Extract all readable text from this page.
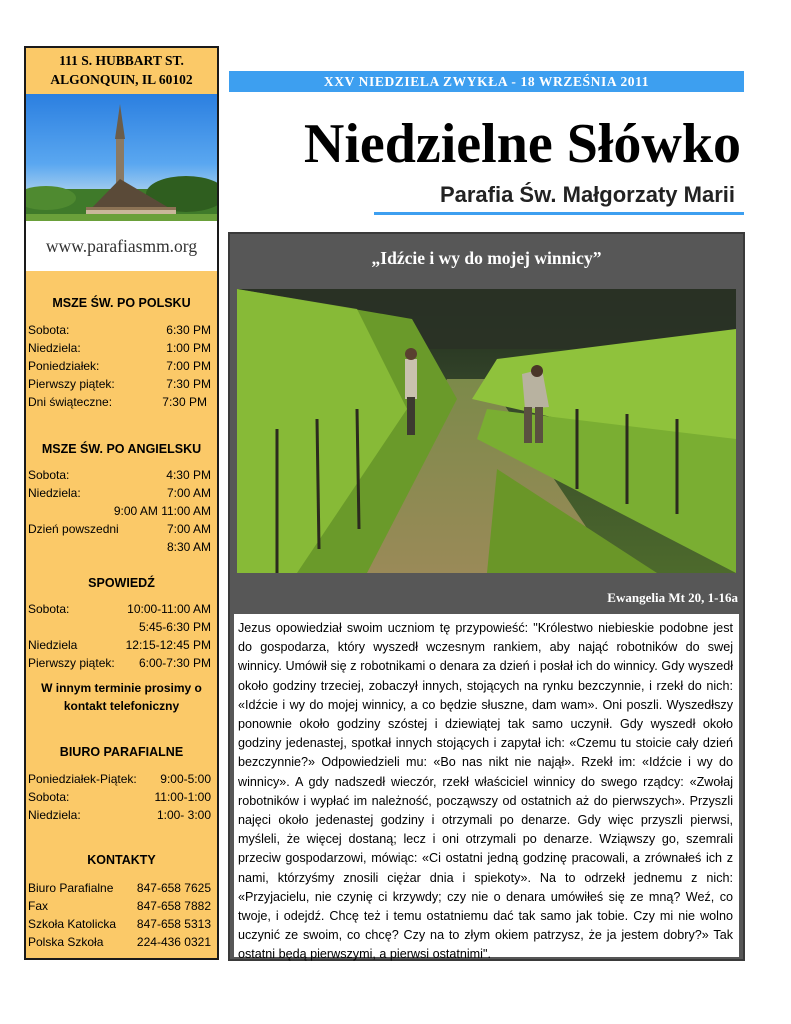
111 S. HUBBART ST.
ALGONQUIN, IL 60102
www.parafiasmm.org
MSZE ŚW. PO POLSKU
Sobota:	6:30 PM
Niedziela:	1:00 PM
Poniedziałek:	7:00 PM
Pierwszy piątek:	7:30 PM
Dni świąteczne:	7:30 PM
MSZE ŚW. PO ANGIELSKU
Sobota:	4:30 PM
Niedziela:	7:00 AM
9:00 AM 11:00 AM
Dzień powszedni	7:00 AM
8:30 AM
SPOWIEDŹ
Sobota:	10:00-11:00 AM
5:45-6:30 PM
Niedziela	12:15-12:45 PM
Pierwszy piątek: 6:00-7:30 PM
W innym terminie prosimy o
kontakt telefoniczny
BIURO PARAFIALNE
Poniedziałek-Piątek: 9:00-5:00
Sobota:	11:00-1:00
Niedziela:	1:00- 3:00
KONTAKTY
Biuro Parafialne 847-658 7625
Fax	847-658 7882
Szkoła Katolicka 847-658 5313
Polska Szkoła	224-436 0321
XXV NIEDZIELA ZWYKŁA - 18 WRZEŚNIA 2011
Niedzielne Słówko
Parafia Św. Małgorzaty Marii
„Idźcie i wy do mojej winnicy”
Ewangelia Mt 20, 1-16a

Jezus opowiedział swoim uczniom tę przypowieść: "Królestwo niebieskie podobne jest do gospodarza, który wyszedł wczesnym rankiem, aby nająć robotników do swej winnicy. Umówił się z robotnikami o denara za dzień i posłał ich do winnicy. Gdy wyszedł około godziny trzeciej, zobaczył innych, stojących na rynku bezczynnie, i rzekł do nich: «Idźcie i wy do mojej winnicy, a co będzie słuszne, dam wam». Oni poszli. Wyszedłszy ponownie około godziny szóstej i dziewiątej tak samo uczynił. Gdy wyszedł około godziny jedenastej, spotkał innych stojących i zapytał ich: «Czemu tu stoicie cały dzień bezczynnie?» Odpowiedzieli mu: «Bo nas nikt nie najął». Rzekł im: «Idźcie i wy do winnicy». A gdy nadszedł wieczór, rzekł właściciel winnicy do swego rządcy: «Zwołaj robotników i wypłać im należność, począwszy od ostatnich aż do pierwszych». Przyszli najęci około jedenastej godziny i otrzymali po denarze. Gdy więc przyszli pierwsi, myśleli, że więcej dostaną; lecz i oni otrzymali po denarze. Wziąwszy go, szemrali przeciw gospodarzowi, mówiąc: «Ci ostatni jedną godzinę pracowali, a zrównałeś ich z nami, którzyśmy znosili ciężar dnia i spiekoty». Na to odrzekł jednemu z nich: «Przyjacielu, nie czynię ci krzywdy; czy nie o denara umówiłeś się ze mną? Weź, co twoje, i odejdź. Chcę też i temu ostatniemu dać tak samo jak tobie. Czy mi nie wolno uczynić ze swoim, co chcę? Czy na to złym okiem patrzysz, że ja jestem dobry?» Tak ostatni będą pierwszymi, a pierwsi ostatnimi".
